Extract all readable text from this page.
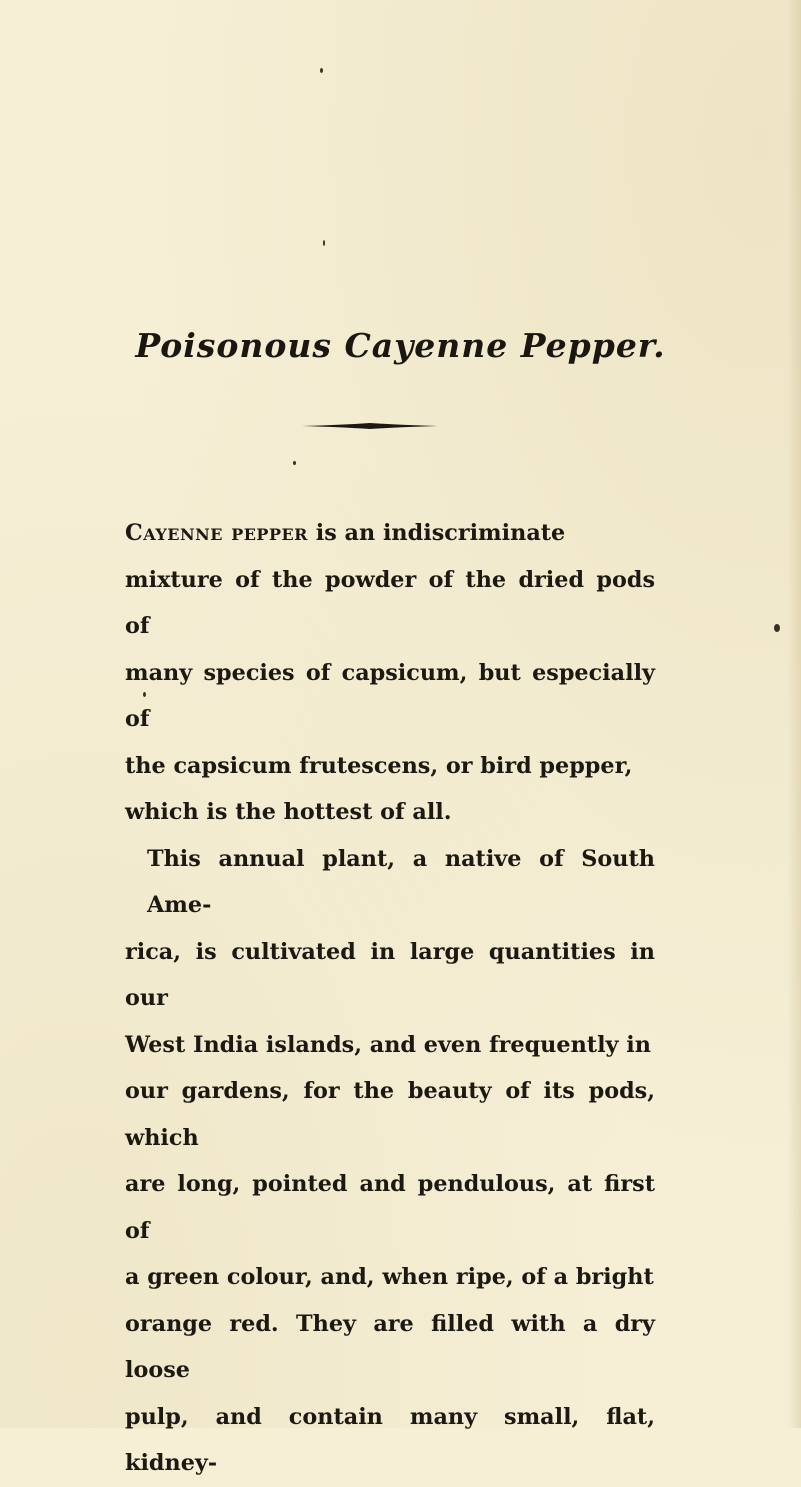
Poisonous Cayenne Pepper.

Cayenne pepper is an indiscriminate
mixture of the powder of the dried pods of
many species of capsicum, but especially of
the capsicum frutescens, or bird pepper,
which is the hottest of all.

This annual plant, a native of South Ame-

rica, is cultivated in large quantities in our
West India islands, and even frequently in
our gardens, for the beauty of its pods, which
are long, pointed and pendulous, at first of
a green colour, and, when ripe, of a bright
orange red. They are filled with a dry loose
pulp, and contain many small, flat, kidney-
